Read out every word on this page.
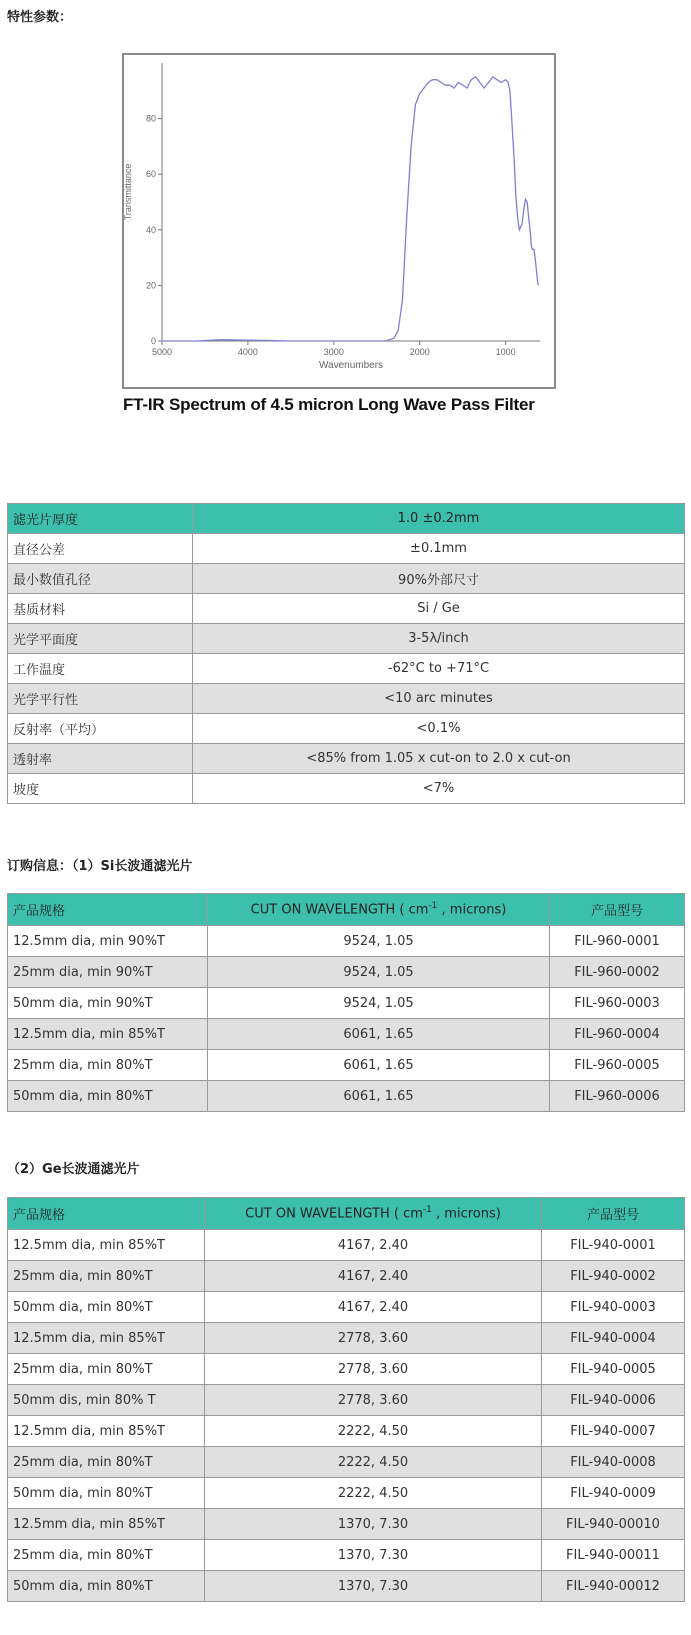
特性参数：
0
20
40
60
80
5000	4000	3000	2000	1000
Wavenumbers
Transmittance
FT-IR Spectrum of 4.5 micron Long Wave Pass Filter
滤光片厚度	1.0 ±0.2mm
直径公差	±0.1mm
最小数值孔径	90%外部尺寸
基质材料	Si / Ge
光学平面度	3-5λ/inch
工作温度	-62°C to +71°C
光学平行性	<10 arc minutes
反射率（平均）	<0.1%
透射率	<85% from 1.05 x cut-on to 2.0 x cut-on
坡度	<7%
订购信息：（1）Si长波通滤光片
产品规格	CUT ON WAVELENGTH ( $cm^{-1}$ , microns)	产品型号
12.5mm dia, min 90%T	9524, 1.05	FIL-960-0001
25mm dia, min 90%T	9524, 1.05	FIL-960-0002
50mm dia, min 90%T	9524, 1.05	FIL-960-0003
12.5mm dia, min 85%T	6061, 1.65	FIL-960-0004
25mm dia, min 80%T	6061, 1.65	FIL-960-0005
50mm dia, min 80%T	6061, 1.65	FIL-960-0006
（2）Ge长波通滤光片
产品规格	CUT ON WAVELENGTH ( $cm^{-1}$ , microns)	产品型号
12.5mm dia, min 85%T	4167, 2.40	FIL-940-0001
25mm dia, min 80%T	4167, 2.40	FIL-940-0002
50mm dia, min 80%T	4167, 2.40	FIL-940-0003
12.5mm dia, min 85%T	2778, 3.60	FIL-940-0004
25mm dia, min 80%T	2778, 3.60	FIL-940-0005
50mm dis, min 80% T	2778, 3.60	FIL-940-0006
12.5mm dia, min 85%T	2222, 4.50	FIL-940-0007
25mm dia, min 80%T	2222, 4.50	FIL-940-0008
50mm dia, min 80%T	2222, 4.50	FIL-940-0009
12.5mm dia, min 85%T	1370, 7.30	FIL-940-00010
25mm dia, min 80%T	1370, 7.30	FIL-940-00011
50mm dia, min 80%T	1370, 7.30	FIL-940-00012
